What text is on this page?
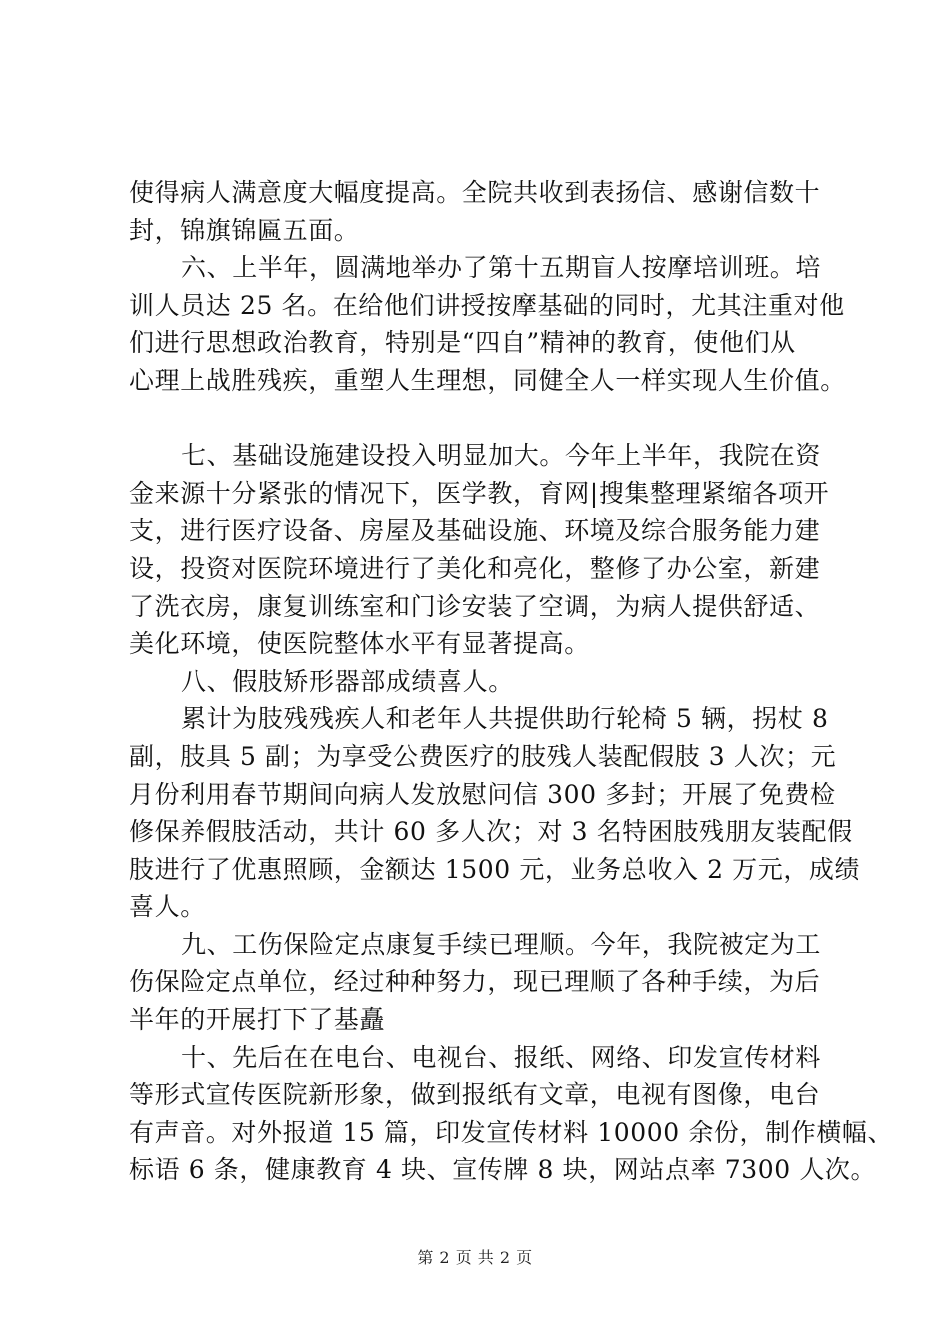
使得病人满意度大幅度提高。全院共收到表扬信、感谢信数十
封，锦旗锦匾五面。
六、上半年，圆满地举办了第十五期盲人按摩培训班。培
训人员达 25 名。在给他们讲授按摩基础的同时，尤其注重对他
们进行思想政治教育，特别是“四自”精神的教育，使他们从
心理上战胜残疾，重塑人生理想，同健全人一样实现人生价值。
七、基础设施建设投入明显加大。今年上半年，我院在资
金来源十分紧张的情况下，医学教，育网|搜集整理紧缩各项开
支，进行医疗设备、房屋及基础设施、环境及综合服务能力建
设，投资对医院环境进行了美化和亮化，整修了办公室，新建
了洗衣房，康复训练室和门诊安装了空调，为病人提供舒适、
美化环境，使医院整体水平有显著提高。
八、假肢矫形器部成绩喜人。
累计为肢残残疾人和老年人共提供助行轮椅 5 辆，拐杖 8
副，肢具 5 副；为享受公费医疗的肢残人装配假肢 3 人次；元
月份利用春节期间向病人发放慰问信 300 多封；开展了免费检
修保养假肢活动，共计 60 多人次；对 3 名特困肢残朋友装配假
肢进行了优惠照顾，金额达 1500 元，业务总收入 2 万元，成绩
喜人。
九、工伤保险定点康复手续已理顺。今年，我院被定为工
伤保险定点单位，经过种种努力，现已理顺了各种手续，为后
半年的开展打下了基矗
十、先后在在电台、电视台、报纸、网络、印发宣传材料
等形式宣传医院新形象，做到报纸有文章，电视有图像，电台
有声音。对外报道 15 篇，印发宣传材料 10000 余份，制作横幅、
标语 6 条，健康教育 4 块、宣传牌 8 块，网站点率 7300 人次。
第 2 页 共 2 页
